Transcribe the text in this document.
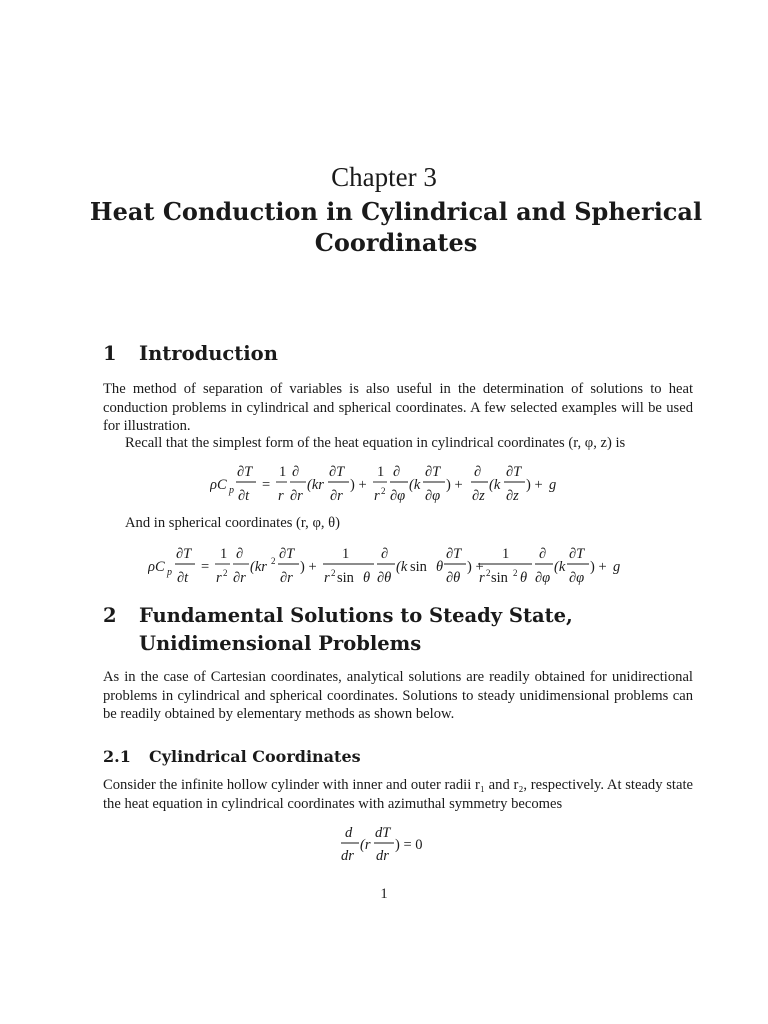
Chapter 3
Heat Conduction in Cylindrical and Spherical Coordinates
1 Introduction
The method of separation of variables is also useful in the determination of solutions to heat conduction problems in cylindrical and spherical coordinates. A few selected examples will be used for illustration.
Recall that the simplest form of the heat equation in cylindrical coordinates (r, φ, z) is
ρC p
∂T
∂t
=
1
r
∂
∂r
(kr
∂T
∂r
) +
1
r 2
∂
∂φ
(k
∂T
∂φ
) +
∂
∂z
(k
∂T
∂z
) + g
And in spherical coordinates (r, φ, θ)
ρC p
∂T
∂t
=
1
r 2
∂
∂r
(kr 2 ∂T
∂r
) +
1
r 2 sin θ
∂
∂θ
(k sin θ
∂T
∂θ
) +
1
r 2 sin 2 θ
∂
∂φ
(k
∂T
∂φ
) + g
2 Fundamental Solutions to Steady State, Unidimensional Problems
As in the case of Cartesian coordinates, analytical solutions are readily obtained for unidirectional problems in cylindrical and spherical coordinates. Solutions to steady unidimensional problems can be readily obtained by elementary methods as shown below.
2.1 Cylindrical Coordinates
Consider the infinite hollow cylinder with inner and outer radii r₁ and r₂, respectively. At steady state the heat equation in cylindrical coordinates with azimuthal symmetry becomes
d
dr
(r
dT
dr
) = 0
1
